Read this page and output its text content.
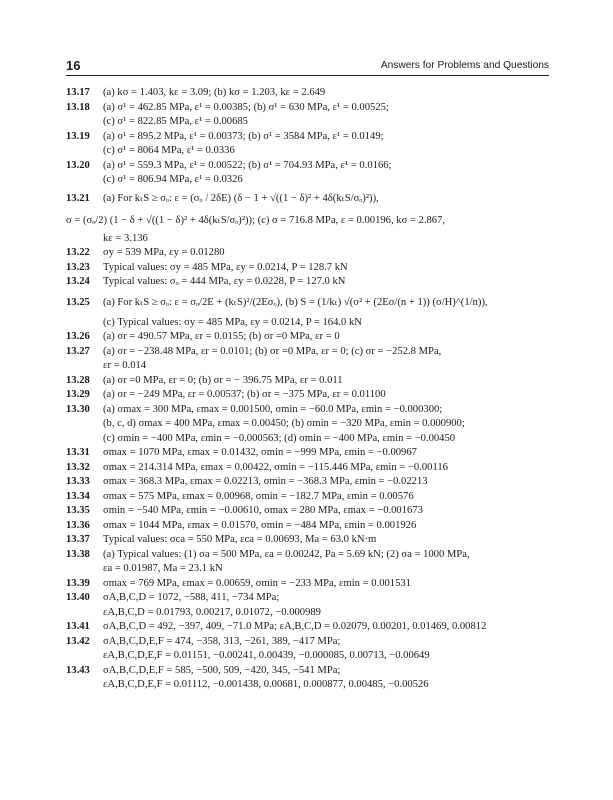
16	Answers for Problems and Questions
13.17	(a) kσ = 1.403, kε = 3.09; (b) kσ = 1.203, kε = 2.649
13.18	(a) σ¹ = 462.85 MPa, ε¹ = 0.00385; (b) σ¹ = 630 MPa, ε¹ = 0.00525;
(c) σ¹ = 822.85 MPa, ε¹ = 0.00685
13.19	(a) σ¹ = 895.2 MPa, ε¹ = 0.00373; (b) σ¹ = 3584 MPa, ε¹ = 0.0149;
(c) σ¹ = 8064 MPa, ε¹ = 0.0336
13.20	(a) σ¹ = 559.3 MPa, ε¹ = 0.00522; (b) σ¹ = 704.93 MPa, ε¹ = 0.0166;
(c) σ¹ = 806.94 MPa, ε¹ = 0.0326
13.21	(a) For kₜS ≥ σₒ: ε = (σₒ / 2δE) (δ − 1 + √((1 − δ)² + 4δ(kₜS/σₒ)²)),
σ = (σₒ/2) (1 − δ + √((1 − δ)² + 4δ(kₜS/σₒ)²)); (c) σ = 716.8 MPa, ε = 0.00196, kσ = 2.867,
kε = 3.136
13.22	σy = 539 MPa, εy = 0.01280
13.23	Typical values: σy = 485 MPa, εy = 0.0214, P = 128.7 kN
13.24	Typical values: σₒ = 444 MPa, εy = 0.0228, P = 127.0 kN
13.25	(a) For kₜS ≥ σₒ: ε = σₒ/2E + (kₜS)²/(2Eσₒ), (b) S = (1/kₜ) √(σ² + (2Eσ/(n + 1)) (σ/H)^(1/n)),
(c) Typical values: σy = 485 MPa, εy = 0.0214, P = 164.0 kN
13.26	(a) σr = 490.57 MPa, εr = 0.0155; (b) σr =0 MPa, εr = 0
13.27	(a) σr = −238.48 MPa, εr = 0.0101; (b) σr =0 MPa, εr = 0; (c) σr = −252.8 MPa,
εr = 0.014
13.28	(a) σr =0 MPa, εr = 0; (b) σr = − 396.75 MPa, εr = 0.011
13.29	(a) σr = −249 MPa, εr = 0.00537; (b) σr = −375 MPa, εr = 0.01100
13.30	(a) σmax = 300 MPa, εmax = 0.001500, σmin = −60.0 MPa, εmin = −0.000300;
(b, c, d) σmax = 400 MPa, εmax = 0.00450; (b) σmin = −320 MPa, εmin = 0.000900;
(c) σmin = −400 MPa, εmin = −0.000563; (d) σmin = −400 MPa, εmin = −0.00450
13.31	σmax = 1070 MPa, εmax = 0.01432, σmin = −999 MPa, εmin = −0.00967
13.32	σmax = 214.314 MPa, εmax = 0.00422, σmin = −115.446 MPa, εmin = −0.00116
13.33	σmax = 368.3 MPa, εmax = 0.02213, σmin = −368.3 MPa, εmin = −0.02213
13.34	σmax = 575 MPa, εmax = 0.00968, σmin = −182.7 MPa, εmin = 0.00576
13.35	σmin = −540 MPa, εmin = −0.00610, σmax = 280 MPa, εmax = −0.001673
13.36	σmax = 1044 MPa, εmax = 0.01570, σmin = −484 MPa, εmin = 0.001926
13.37	Typical values: σca = 550 MPa, εca = 0.00693, Ma = 63.0 kN·m
13.38	(a) Typical values: (1) σa = 500 MPa, εa = 0.00242, Pa = 5.69 kN; (2) σa = 1000 MPa,
εa = 0.01987, Ma = 23.1 kN
13.39	σmax = 769 MPa, εmax = 0.00659, σmin = −233 MPa, εmin = 0.001531
13.40	σA,B,C,D = 1072, −588, 411, −734 MPa;
εA,B,C,D = 0.01793, 0.00217, 0.01072, −0.000989
13.41	σA,B,C,D = 492, −397, 409, −71.0 MPa; εA,B,C,D = 0.02079, 0.00201, 0.01469, 0.00812
13.42	σA,B,C,D,E,F = 474, −358, 313, −261, 389, −417 MPa;
εA,B,C,D,E,F = 0.01151, −0.00241, 0.00439, −0.000085, 0.00713, −0.00649
13.43	σA,B,C,D,E,F = 585, −500, 509, −420, 345, −541 MPa;
εA,B,C,D,E,F = 0.01112, −0.001438, 0.00681, 0.000877, 0.00485, −0.00526
